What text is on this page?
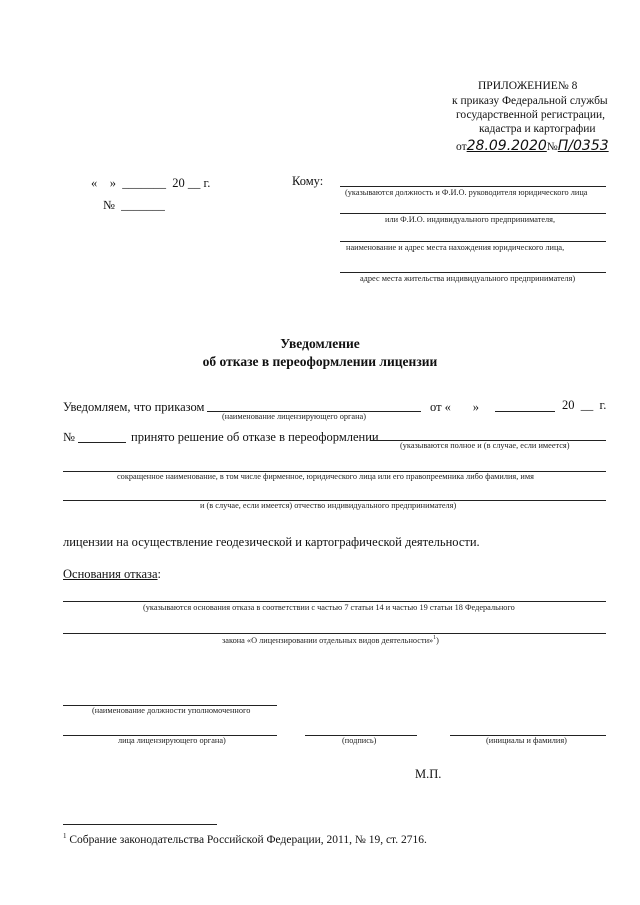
ПРИЛОЖЕНИЕ№ 8
к приказу Федеральной службы
государственной регистрации,
кадастра и картографии
от28.09.2020№П/0353
«    »  _______  20 __ г.
№  _______
Кому:
(указываются должность и Ф.И.О. руководителя юридического лица
или Ф.И.О. индивидуального предпринимателя,
наименование и адрес места нахождения юридического лица,
адрес места жительства индивидуального предпринимателя)
Уведомление
об отказе в переоформлении лицензии
Уведомляем, что приказом
(наименование лицензирующего органа)
от «       »	20  __  г.
№	принято решение об отказе в переоформлении
(указываются полное и (в случае, если имеется)
сокращенное наименование, в том числе фирменное, юридического лица или его правопреемника либо фамилия, имя
и (в случае, если имеется) отчество индивидуального предпринимателя)
лицензии на осуществление геодезической и картографической деятельности.
Основания отказа:
(указываются основания отказа в соответствии с частью 7 статьи 14 и частью 19 статьи 18 Федерального
закона «О лицензировании отдельных видов деятельности»$^1$)
(наименование должности уполномоченного
лица лицензирующего органа)	(подпись)	(инициалы и фамилия)
М.П.
$^1$ Собрание законодательства Российской Федерации, 2011, № 19, ст. 2716.
